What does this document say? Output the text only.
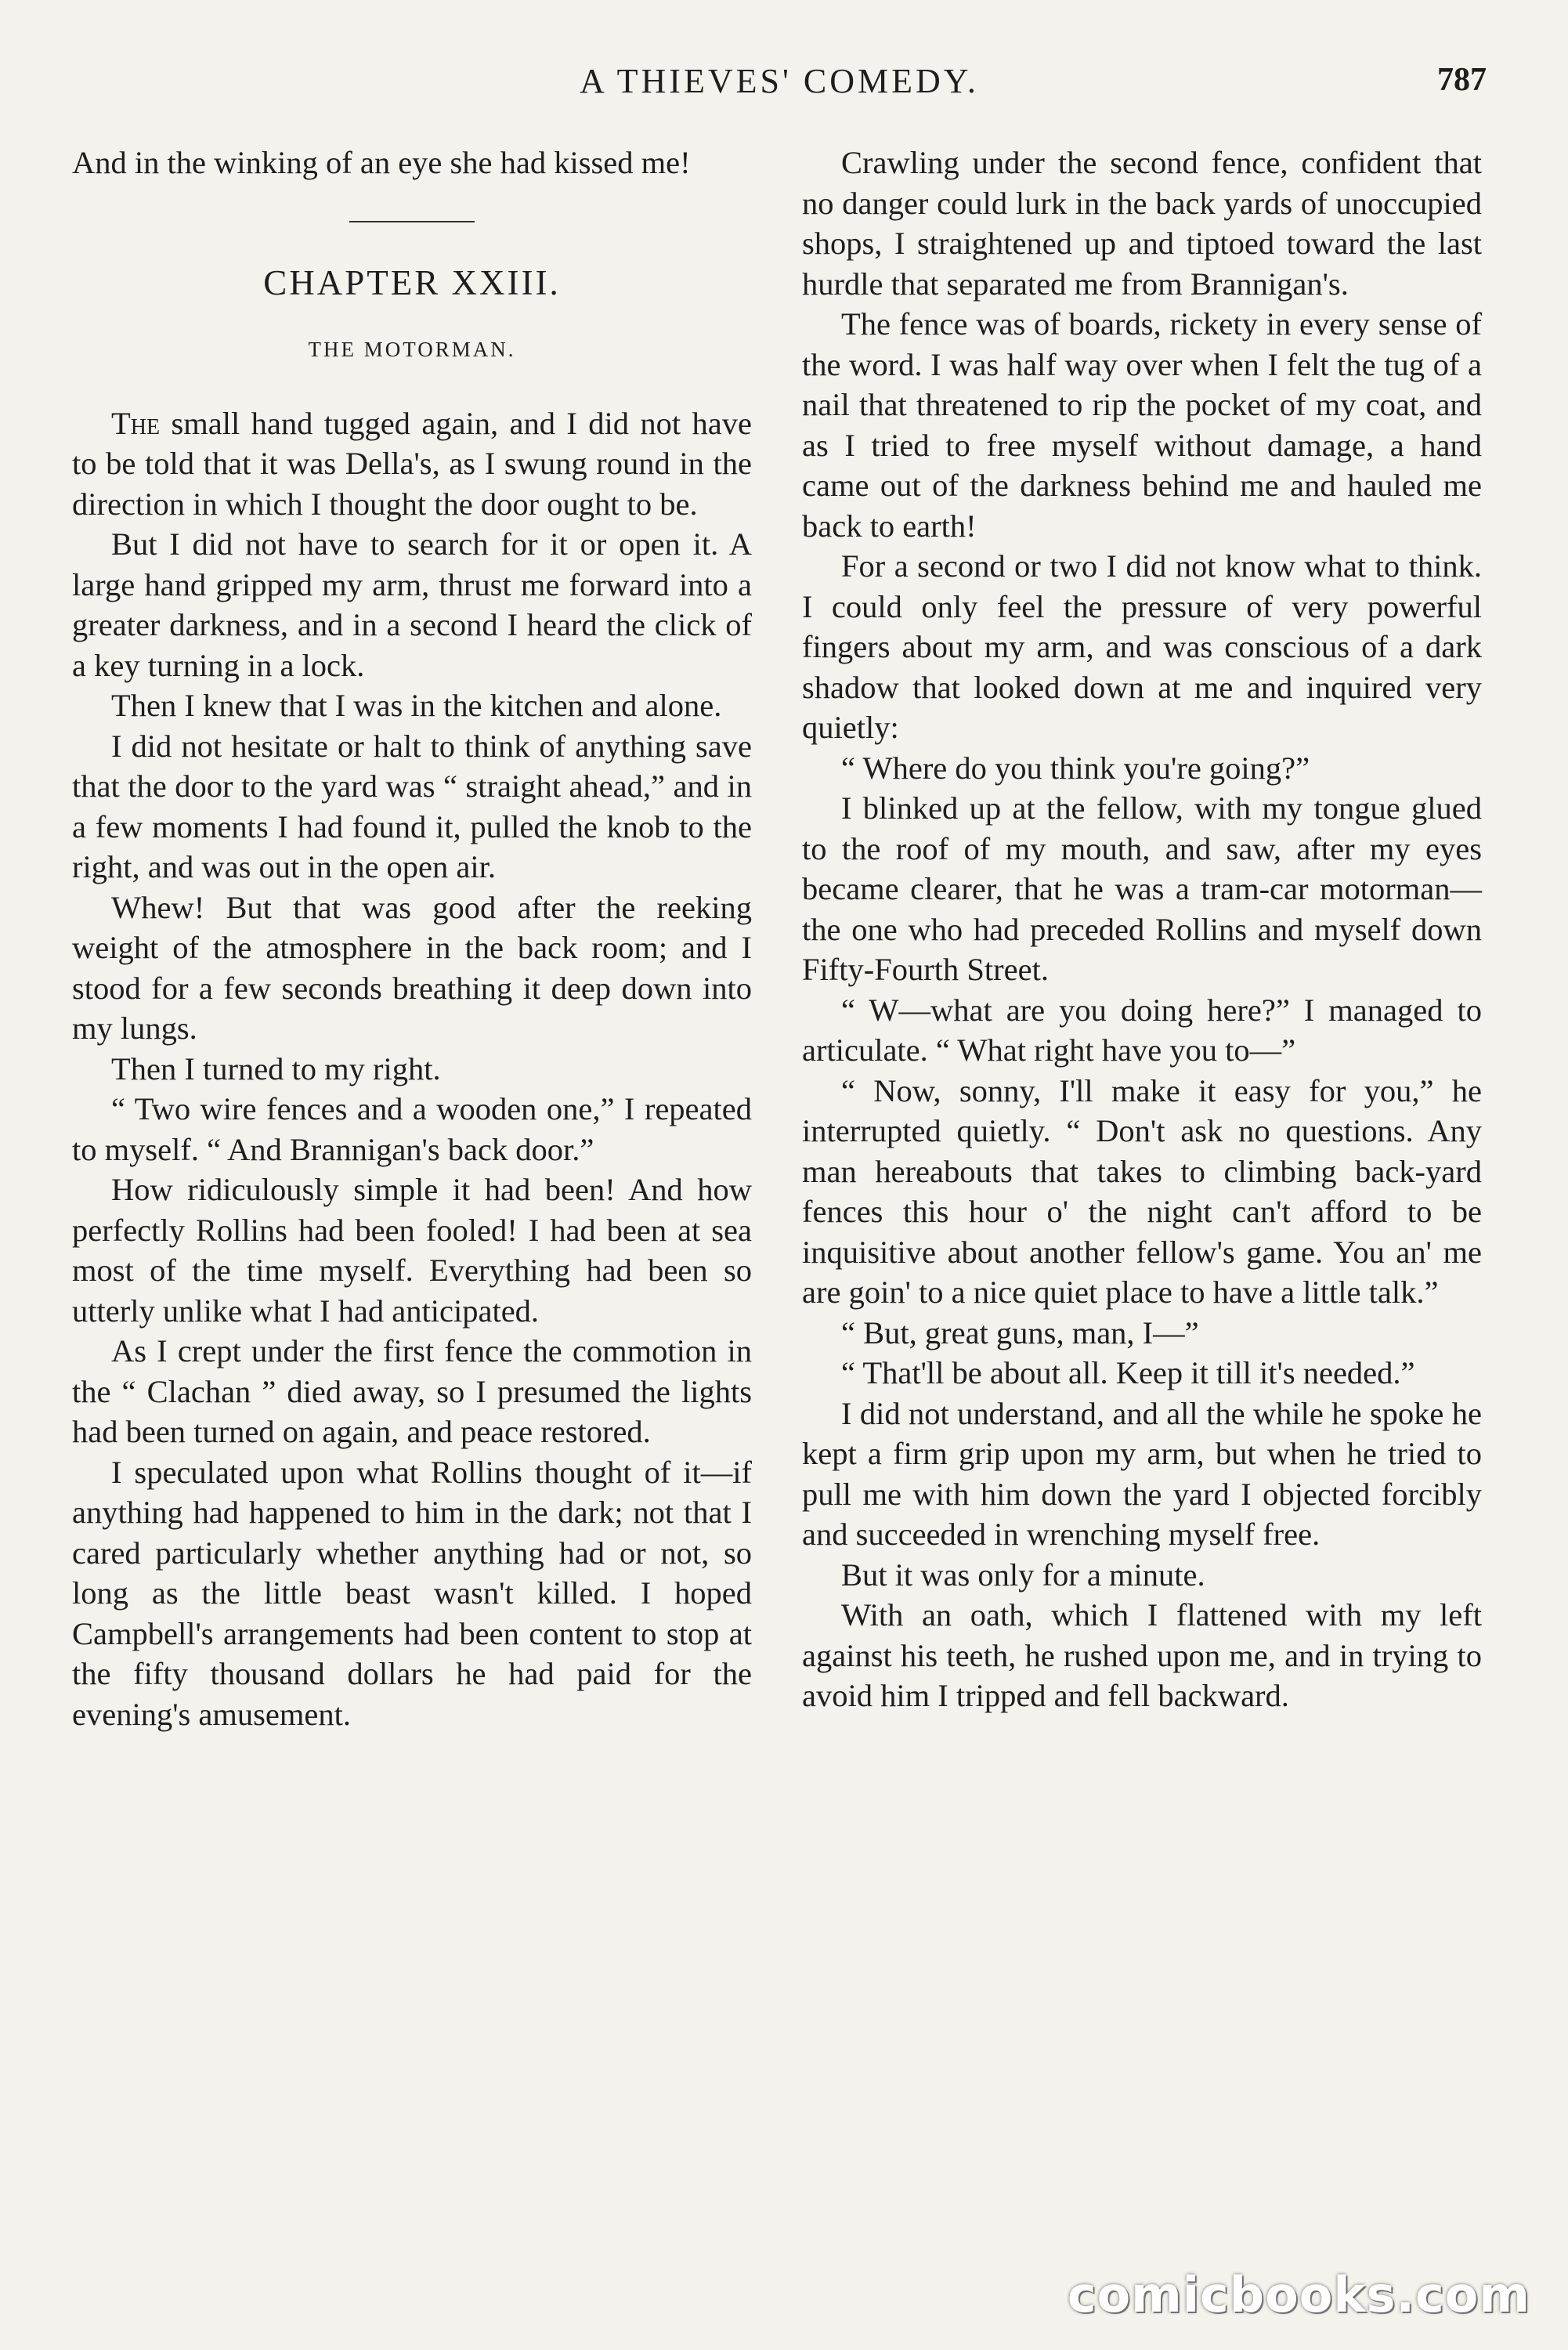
A THIEVES' COMEDY.	787

And in the winking of an eye she had kissed me!

CHAPTER XXIII.
THE MOTORMAN.

The small hand tugged again, and I did not have to be told that it was Della's, as I swung round in the direction in which I thought the door ought to be.

But I did not have to search for it or open it. A large hand gripped my arm, thrust me forward into a greater darkness, and in a second I heard the click of a key turning in a lock.

Then I knew that I was in the kitchen and alone.

I did not hesitate or halt to think of anything save that the door to the yard was “ straight ahead,” and in a few moments I had found it, pulled the knob to the right, and was out in the open air.

Whew! But that was good after the reeking weight of the atmosphere in the back room; and I stood for a few seconds breathing it deep down into my lungs.

Then I turned to my right.

“ Two wire fences and a wooden one,” I repeated to myself. “ And Brannigan's back door.”

How ridiculously simple it had been! And how perfectly Rollins had been fooled! I had been at sea most of the time myself. Everything had been so utterly unlike what I had anticipated.

As I crept under the first fence the commotion in the “ Clachan ” died away, so I presumed the lights had been turned on again, and peace restored.

I speculated upon what Rollins thought of it—if anything had happened to him in the dark; not that I cared particularly whether anything had or not, so long as the little beast wasn't killed. I hoped Campbell's arrangements had been content to stop at the fifty thousand dollars he had paid for the evening's amusement.

Crawling under the second fence, confident that no danger could lurk in the back yards of unoccupied shops, I straightened up and tiptoed toward the last hurdle that separated me from Brannigan's.

The fence was of boards, rickety in every sense of the word. I was half way over when I felt the tug of a nail that threatened to rip the pocket of my coat, and as I tried to free myself without damage, a hand came out of the darkness behind me and hauled me back to earth!

For a second or two I did not know what to think. I could only feel the pressure of very powerful fingers about my arm, and was conscious of a dark shadow that looked down at me and inquired very quietly:

“ Where do you think you're going?”

I blinked up at the fellow, with my tongue glued to the roof of my mouth, and saw, after my eyes became clearer, that he was a tram-car motorman—the one who had preceded Rollins and myself down Fifty-Fourth Street.

“ W—what are you doing here?” I managed to articulate. “ What right have you to—”

“ Now, sonny, I'll make it easy for you,” he interrupted quietly. “ Don't ask no questions. Any man hereabouts that takes to climbing back-yard fences this hour o' the night can't afford to be inquisitive about another fellow's game. You an' me are goin' to a nice quiet place to have a little talk.”

“ But, great guns, man, I—”

“ That'll be about all. Keep it till it's needed.”

I did not understand, and all the while he spoke he kept a firm grip upon my arm, but when he tried to pull me with him down the yard I objected forcibly and succeeded in wrenching myself free.

But it was only for a minute.

With an oath, which I flattened with my left against his teeth, he rushed upon me, and in trying to avoid him I tripped and fell backward.

comicbooks.com
